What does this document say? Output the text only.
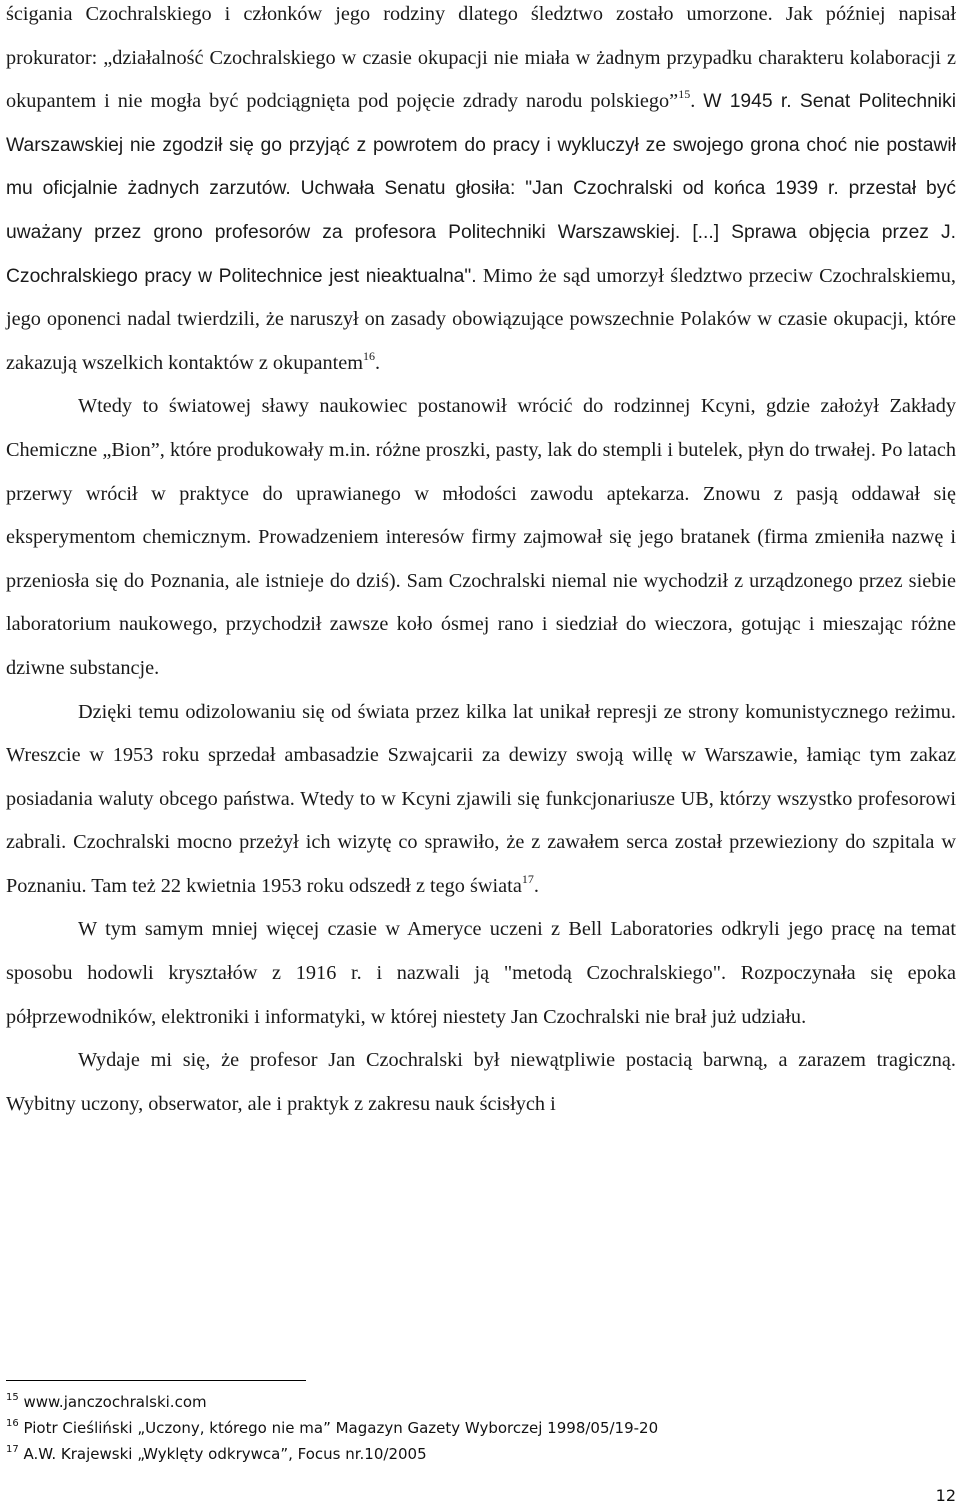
ścigania Czochralskiego i członków jego rodziny dlatego śledztwo zostało umorzone. Jak później napisał prokurator: „działalność Czochralskiego w czasie okupacji nie miała w żadnym przypadku charakteru kolaboracji z okupantem i nie mogła być podciągnięta pod pojęcie zdrady narodu polskiego”$^{15}$. W 1945 r. Senat Politechniki Warszawskiej nie zgodził się go przyjąć z powrotem do pracy i wykluczył ze swojego grona choć nie postawił mu oficjalnie żadnych zarzutów. Uchwała Senatu głosiła: "Jan Czochralski od końca 1939 r. przestał być uważany przez grono profesorów za profesora Politechniki Warszawskiej. [...] Sprawa objęcia przez J. Czochralskiego pracy w Politechnice jest nieaktualna". Mimo że sąd umorzył śledztwo przeciw Czochralskiemu, jego oponenci nadal twierdzili, że naruszył on zasady obowiązujące powszechnie Polaków w czasie okupacji, które zakazują wszelkich kontaktów z okupantem$^{16}$.

Wtedy to światowej sławy naukowiec postanowił wrócić do rodzinnej Kcyni, gdzie założył Zakłady Chemiczne „Bion”, które produkowały m.in. różne proszki, pasty, lak do stempli i butelek, płyn do trwałej. Po latach przerwy wrócił w praktyce do uprawianego w młodości zawodu aptekarza. Znowu z pasją oddawał się eksperymentom chemicznym. Prowadzeniem interesów firmy zajmował się jego bratanek (firma zmieniła nazwę i przeniosła się do Poznania, ale istnieje do dziś). Sam Czochralski niemal nie wychodził z urządzonego przez siebie laboratorium naukowego, przychodził zawsze koło ósmej rano i siedział do wieczora, gotując i mieszając różne dziwne substancje.

Dzięki temu odizolowaniu się od świata przez kilka lat unikał represji ze strony komunistycznego reżimu. Wreszcie w 1953 roku sprzedał ambasadzie Szwajcarii za dewizy swoją willę w Warszawie, łamiąc tym zakaz posiadania waluty obcego państwa. Wtedy to w Kcyni zjawili się funkcjonariusze UB, którzy wszystko profesorowi zabrali. Czochralski mocno przeżył ich wizytę co sprawiło, że z zawałem serca został przewieziony do szpitala w Poznaniu. Tam też 22 kwietnia 1953 roku odszedł z tego świata$^{17}$.

W tym samym mniej więcej czasie w Ameryce uczeni z Bell Laboratories odkryli jego pracę na temat sposobu hodowli kryształów z 1916 r. i nazwali ją "metodą Czochralskiego". Rozpoczynała się epoka półprzewodników, elektroniki i informatyki, w której niestety Jan Czochralski nie brał już udziału.

Wydaje mi się, że profesor Jan Czochralski był niewątpliwie postacią barwną, a zarazem tragiczną. Wybitny uczony, obserwator, ale i praktyk z zakresu nauk ścisłych i

$^{15}$ www.janczochralski.com
$^{16}$ Piotr Cieśliński „Uczony, którego nie ma” Magazyn Gazety Wyborczej 1998/05/19-20
$^{17}$ A.W. Krajewski „Wyklęty odkrywca”, Focus nr.10/2005
12
